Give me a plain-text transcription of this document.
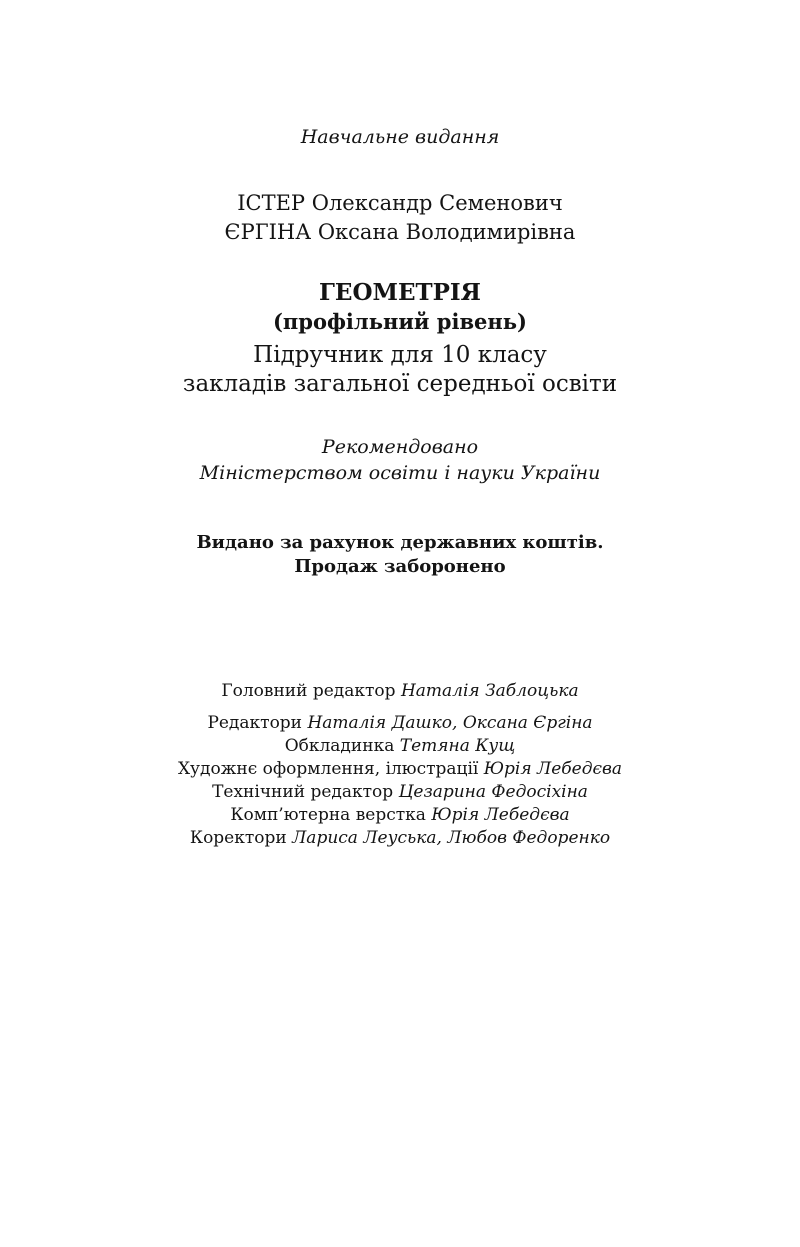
Навчальне видання
ІСТЕР Олександр Семенович
ЄРГІНА Оксана Володимирівна
ГЕОМЕТРІЯ
(профільний рівень)
Підручник для 10 класу
закладів загальної середньої освіти
Рекомендовано
Міністерством освіти і науки України
Видано за рахунок державних коштів.
Продаж заборонено
Головний редактор Наталія Заблоцька
Редактори Наталія Дашко, Оксана Єргіна
Обкладинка Тетяна Кущ
Художнє оформлення, ілюстрації Юрія Лебедєва
Технічний редактор Цезарина Федосіхіна
Комп’ютерна верстка Юрія Лебедєва
Коректори Лариса Леуська, Любов Федоренко
